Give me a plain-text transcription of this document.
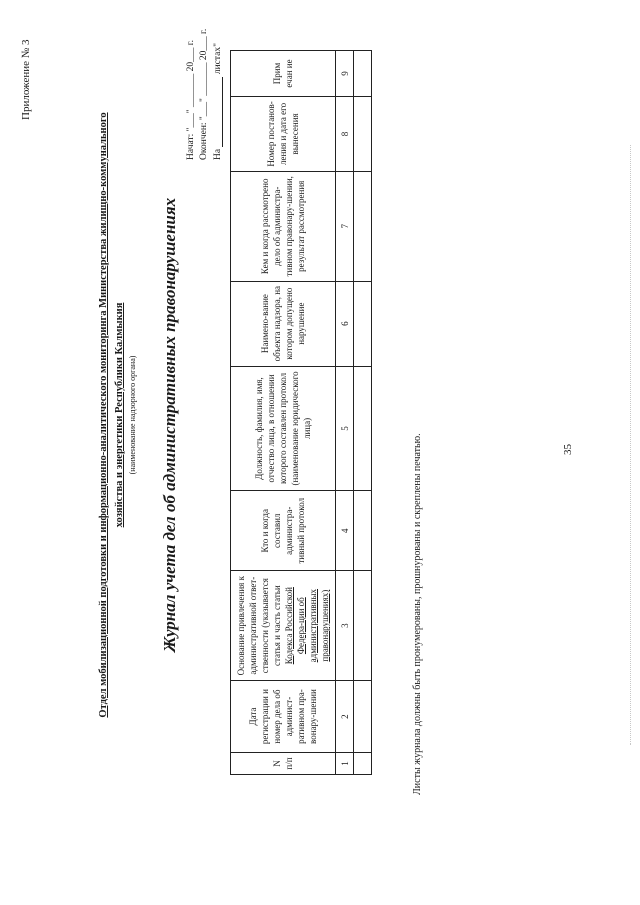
Приложение № 3
Отдел мобилизационной подготовки и информационно-аналитического мониторинга Министерства жилищно-коммунального хозяйства и энергетики Республики Калмыкия (наименование надзорного органа) Журнал учета дел об административных правонарушениях
Начат: "___" _______ 20___ г.
Окончен: "___" _______ 20___ г.
На  листах"
N п/п	Дата регистрации и номер дела об админист-ративном пра-вонару-шении	Основание привлечения к административной ответ-ственности (указывается статья и часть статьи Кодекса Российской Федера-ции об административных правонарушениях)	Кто и когда составил администра-тивный протокол	Должность, фамилия, имя, отчество лица, в отношении которого составлен протокол (наименование юридического лица)	Наимено-вание объекта надзора, на котором допущено нарушение	Кем и когда рассмотрено дело об администра-тивном правонару-шении, результат рассмотрения	Номер постанов-ления и дата его вынесения	Прим ечан ие
1	2	3	4	5	6	7	8	9

Листы журнала должны быть пронумерованы, прошнурованы и скреплены печатью.	35
